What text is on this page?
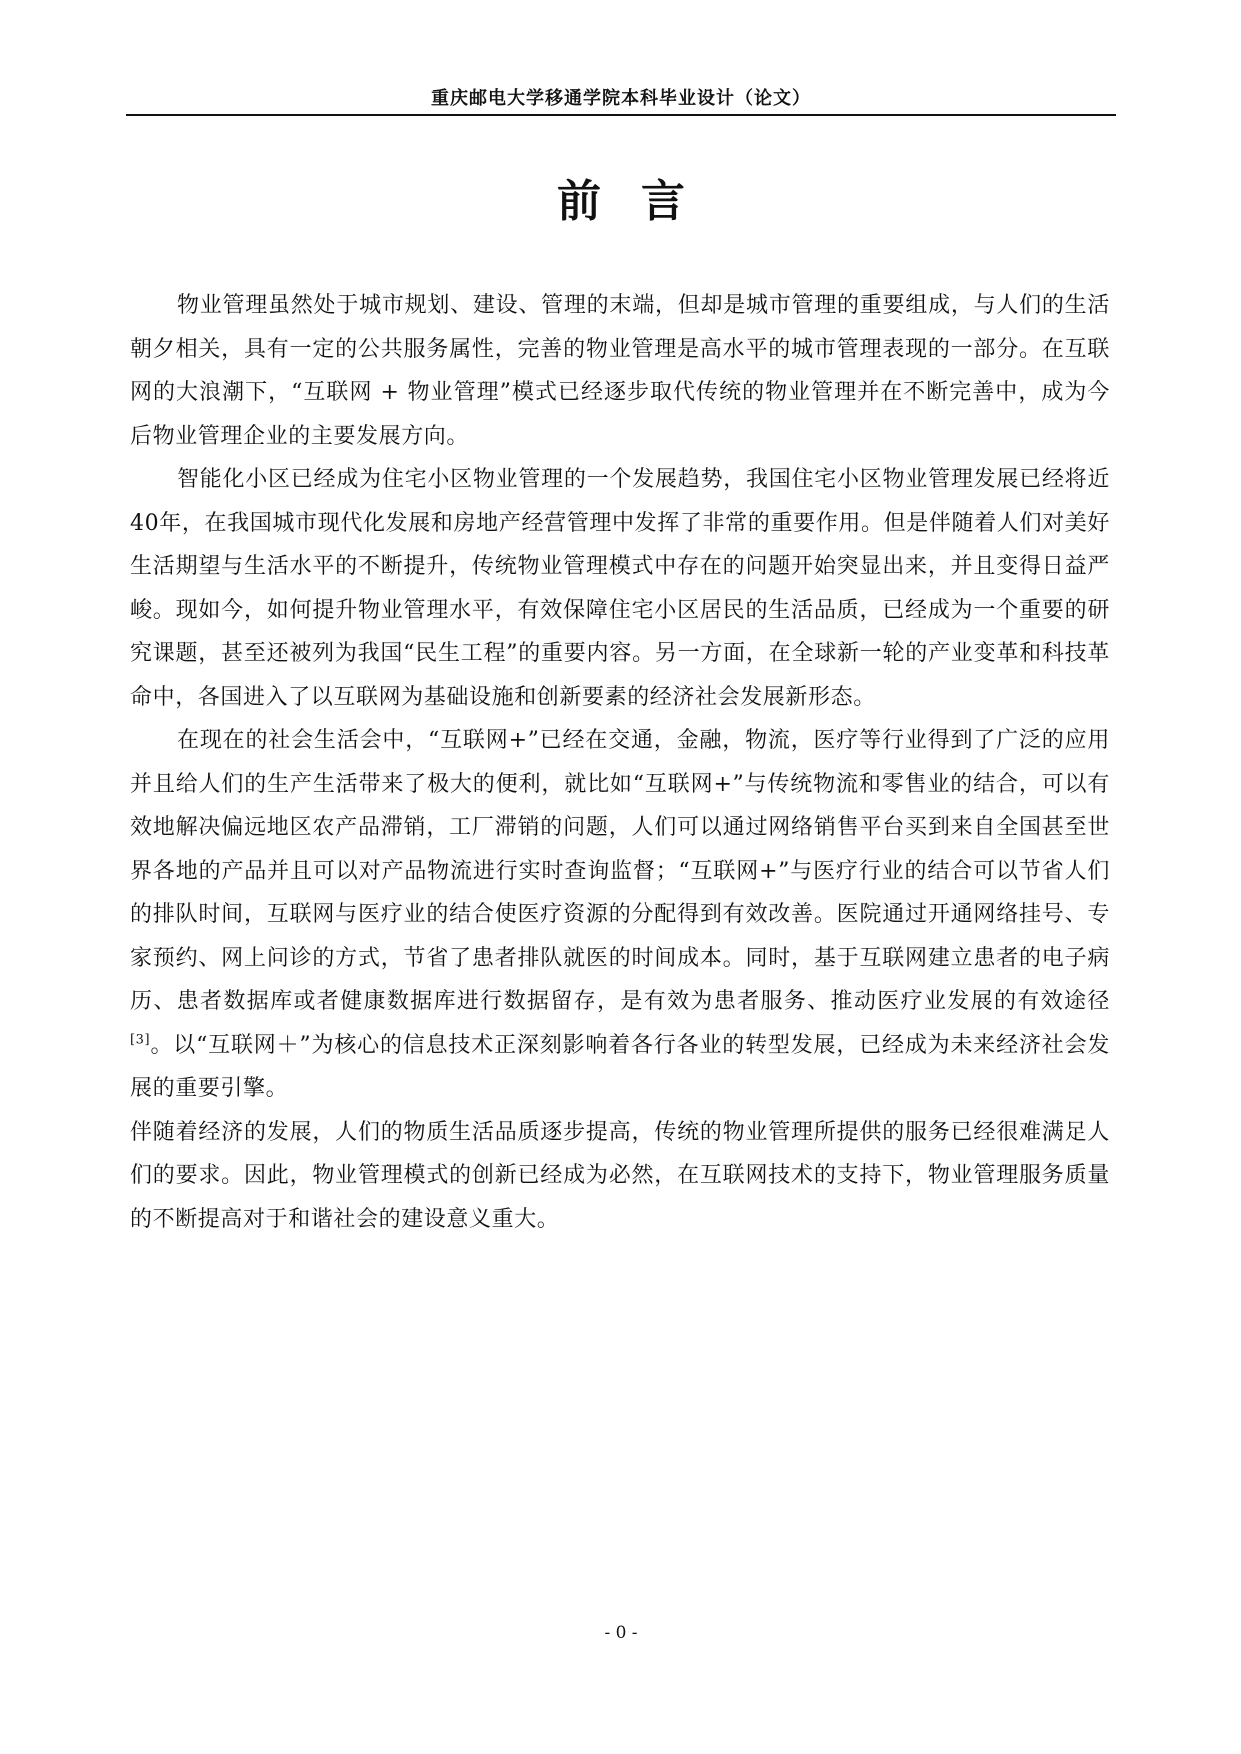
重庆邮电大学移通学院本科毕业设计（论文）
前言

物业管理虽然处于城市规划、建设、管理的末端，但却是城市管理的重要组成，与人们的生活朝夕相关，具有一定的公共服务属性，完善的物业管理是高水平的城市管理表现的一部分。在互联网的大浪潮下，“互联网 + 物业管理”模式已经逐步取代传统的物业管理并在不断完善中，成为今后物业管理企业的主要发展方向。

智能化小区已经成为住宅小区物业管理的一个发展趋势，我国住宅小区物业管理发展已经将近40年，在我国城市现代化发展和房地产经营管理中发挥了非常的重要作用。但是伴随着人们对美好生活期望与生活水平的不断提升，传统物业管理模式中存在的问题开始突显出来，并且变得日益严峻。现如今，如何提升物业管理水平，有效保障住宅小区居民的生活品质，已经成为一个重要的研究课题，甚至还被列为我国“民生工程”的重要内容。另一方面，在全球新一轮的产业变革和科技革命中，各国进入了以互联网为基础设施和创新要素的经济社会发展新形态。

在现在的社会生活会中，“互联网+”已经在交通，金融，物流，医疗等行业得到了广泛的应用并且给人们的生产生活带来了极大的便利，就比如“互联网+”与传统物流和零售业的结合，可以有效地解决偏远地区农产品滞销，工厂滞销的问题，人们可以通过网络销售平台买到来自全国甚至世界各地的产品并且可以对产品物流进行实时查询监督；“互联网+”与医疗行业的结合可以节省人们的排队时间，互联网与医疗业的结合使医疗资源的分配得到有效改善。医院通过开通网络挂号、专家预约、网上问诊的方式，节省了患者排队就医的时间成本。同时，基于互联网建立患者的电子病历、患者数据库或者健康数据库进行数据留存，是有效为患者服务、推动医疗业发展的有效途径[3]。以“互联网＋”为核心的信息技术正深刻影响着各行各业的转型发展，已经成为未来经济社会发展的重要引擎。

伴随着经济的发展，人们的物质生活品质逐步提高，传统的物业管理所提供的服务已经很难满足人们的要求。因此，物业管理模式的创新已经成为必然，在互联网技术的支持下，物业管理服务质量的不断提高对于和谐社会的建设意义重大。

- 0 -
